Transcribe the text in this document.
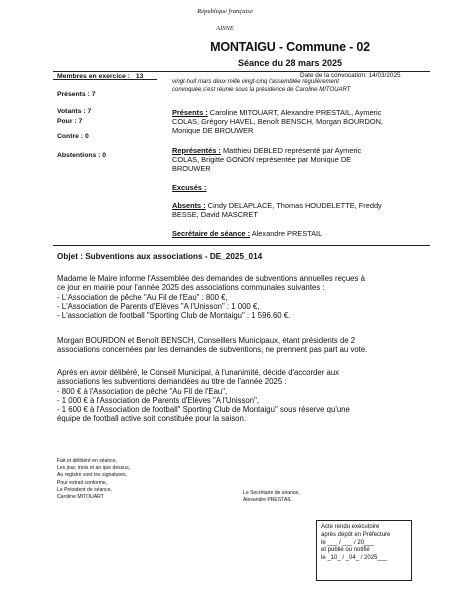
République française
AISNE
MONTAIGU - Commune - 02
Séance du 28 mars 2025
Membres en exercice : 13	Date de la convocation: 14/03/2025
vingt-huit mars deux mille vingt-cinq l'assemblée régulièrement
convoquée,s'est réunie sous la présidence de Caroline MITOUART
Présents : 7
Votants : 7
Pour : 7
Contre : 0
Abstentions : 0
Présents : Caroline MITOUART, Alexandre PRESTAIL, Aymeric
COLAS, Grégory HAVEL, Benoît BENSCH, Morgan BOURDON,
Monique DE BROUWER
Représentés : Matthieu DEBLED représenté par Aymeric
COLAS, Brigitte GONON représentée par Monique DE
BROUWER
Excusés :
Absents : Cindy DELAPLACE, Thomas HOUDELETTE, Freddy
BESSE, David MASCRET
Secrétaire de séance : Alexandre PRESTAIL
Objet : Subventions aux associations - DE_2025_014
Madame le Maire informe l'Assemblée des demandes de subventions annuelles reçues à
ce jour en mairie pour l'année 2025 des associations communales suivantes :
- L'Association de pêche "Au Fil de l'Eau" : 800 €,
- L'Association de Parents d'Elèves "A l'Unisson" : 1 000 €,
- L'association de football "Sporting Club de Montaigu" : 1 596.60 €.
Morgan BOURDON et Benoît BENSCH, Conseillers Municipaux, étant présidents de 2
associations concernées par les demandes de subventions, ne prennent pas part au vote.
Après en avoir délibéré, le Conseil Municipal, à l'unanimité, décide d'accorder aux
associations les subventions demandées au titre de l'année 2025 :
- 800 € à l'Association de pêche "Au Fil de l'Eau",
- 1 000 € à l'Association de Parents d'Elèves "A l'Unisson",
- 1 600 € à l'Association de football" Sporting Club de Montaigu" sous réserve qu'une
équipe de football active soit constituée pour la saison.
Fait et délibéré en séance,
Les jour, mois et an que dessus,
Au registre sont les signatures,
Pour extrait conforme,
Le Président de séance,
Caroline MITOUART
Le Secrétaire de séance,
Alexandre PRESTAIL
Acte rendu exécutoire
après dépôt en Préfecture
le ___ / ___ / 20___
et publié ou notifié
le _10_ / _04_ / 2025___
